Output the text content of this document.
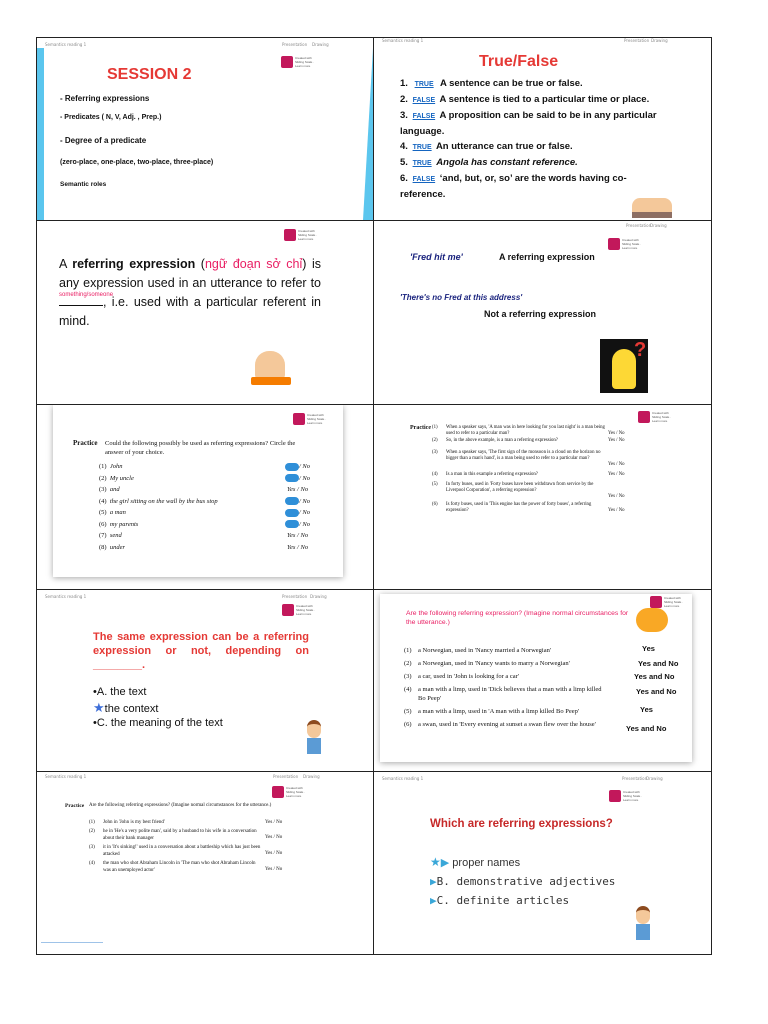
Semantics reading 1	Presentation Drawing
Created with Sliding Scale · Learn more
SESSION 2
- Referring expressions
- Predicates ( N, V, Adj. , Prep.)
- Degree of a predicate
(zero-place, one-place, two-place, three-place)
Semantic roles
Semantics reading 1	Presentation Drawing
True/False
1. TRUE A sentence can be true or false.
2. FALSE A sentence is tied to a particular time or place.
3. FALSE A proposition can be said to be in any particular language.
4. TRUE An utterance can true or false.
5. TRUE Angola has constant reference.
6. FALSE ‘and, but, or, so’ are the words having co-reference.
Created with Sliding Scale · Learn more
A referring expression (ngữ đoạn sở chỉ) is any expression used in an utterance to refer to
something/someone
, i.e. used with a particular referent in mind.
Presentation
Drawing
Created with Sliding Scale · Learn more
'Fred hit me'	A referring expression
'There's no Fred at this address'
Not a referring expression
?
Created with Sliding Scale · Learn more
Practice Could the following possibly be used as referring expressions? Circle the answer of your choice.
(1) John	/ No
(2) My uncle	/ No
(3) and	Yes / No
(4) the girl sitting on the wall by the bus stop	/ No
(5) a man	/ No
(6) my parents	/ No
(7) send	Yes / No
(8) under	Yes / No
Created with Sliding Scale · Learn more
Practice (1) When a speaker says, 'A man was in here looking for you last night' is a man being used to refer to a particular man?	Yes / No
(2) So, in the above example, is a man a referring expression?	Yes / No
(3) When a speaker says, 'The first sign of the monsoon is a cloud on the horizon no bigger than a man's hand', is a man being used to refer to a particular man?
Yes / No
(4) Is a man in this example a referring expression?	Yes / No
(5) In forty buses, used in 'Forty buses have been withdrawn from service by the Liverpool Corporation', a referring expression?
Yes / No
(6) Is forty buses, used in 'This engine has the power of forty buses', a referring expression?	Yes / No
Semantics reading 1	Presentation Drawing
Created with Sliding Scale · Learn more
The same expression can be a referring expression or not, depending on ________.
•A. the text
★the context
•C. the meaning of the text
Created with Sliding Scale · Learn more
Are the following referring expression? (Imagine normal circumstances for the utterance.)
(1) a Norwegian, used in 'Nancy married a Norwegian'	Yes
(2) a Norwegian, used in 'Nancy wants to marry a Norwegian'	Yes and No
(3) a car, used in 'John is looking for a car'	Yes and No
(4) a man with a limp, used in 'Dick believes that a man with a limp killed Bo Peep'
Yes and No
(5) a man with a limp, used in 'A man with a limp killed Bo Peep'	Yes
(6) a swan, used in 'Every evening at sunset a swan flew over the house'	Yes and No
Semantics reading 1	Presentation Drawing
Created with Sliding Scale · Learn more
Practice Are the following referring expressions? (Imagine normal circumstances for the utterance.)
(1) John in 'John is my best friend'	Yes / No
(2) he in 'He's a very polite man', said by a husband to his wife in a conversation about their bank manager	Yes / No
(3) it in 'It's sinking!' used in a conversation about a battleship which has just been attacked	Yes / No
(4) the man who shot Abraham Lincoln in 'The man who shot Abraham Lincoln was an unemployed actor'	Yes / No
Semantics reading 1	Presentation
Drawing
Created with Sliding Scale · Learn more
Which are referring expressions?
★▶ proper names
▶B. demonstrative adjectives
▶C. definite articles
